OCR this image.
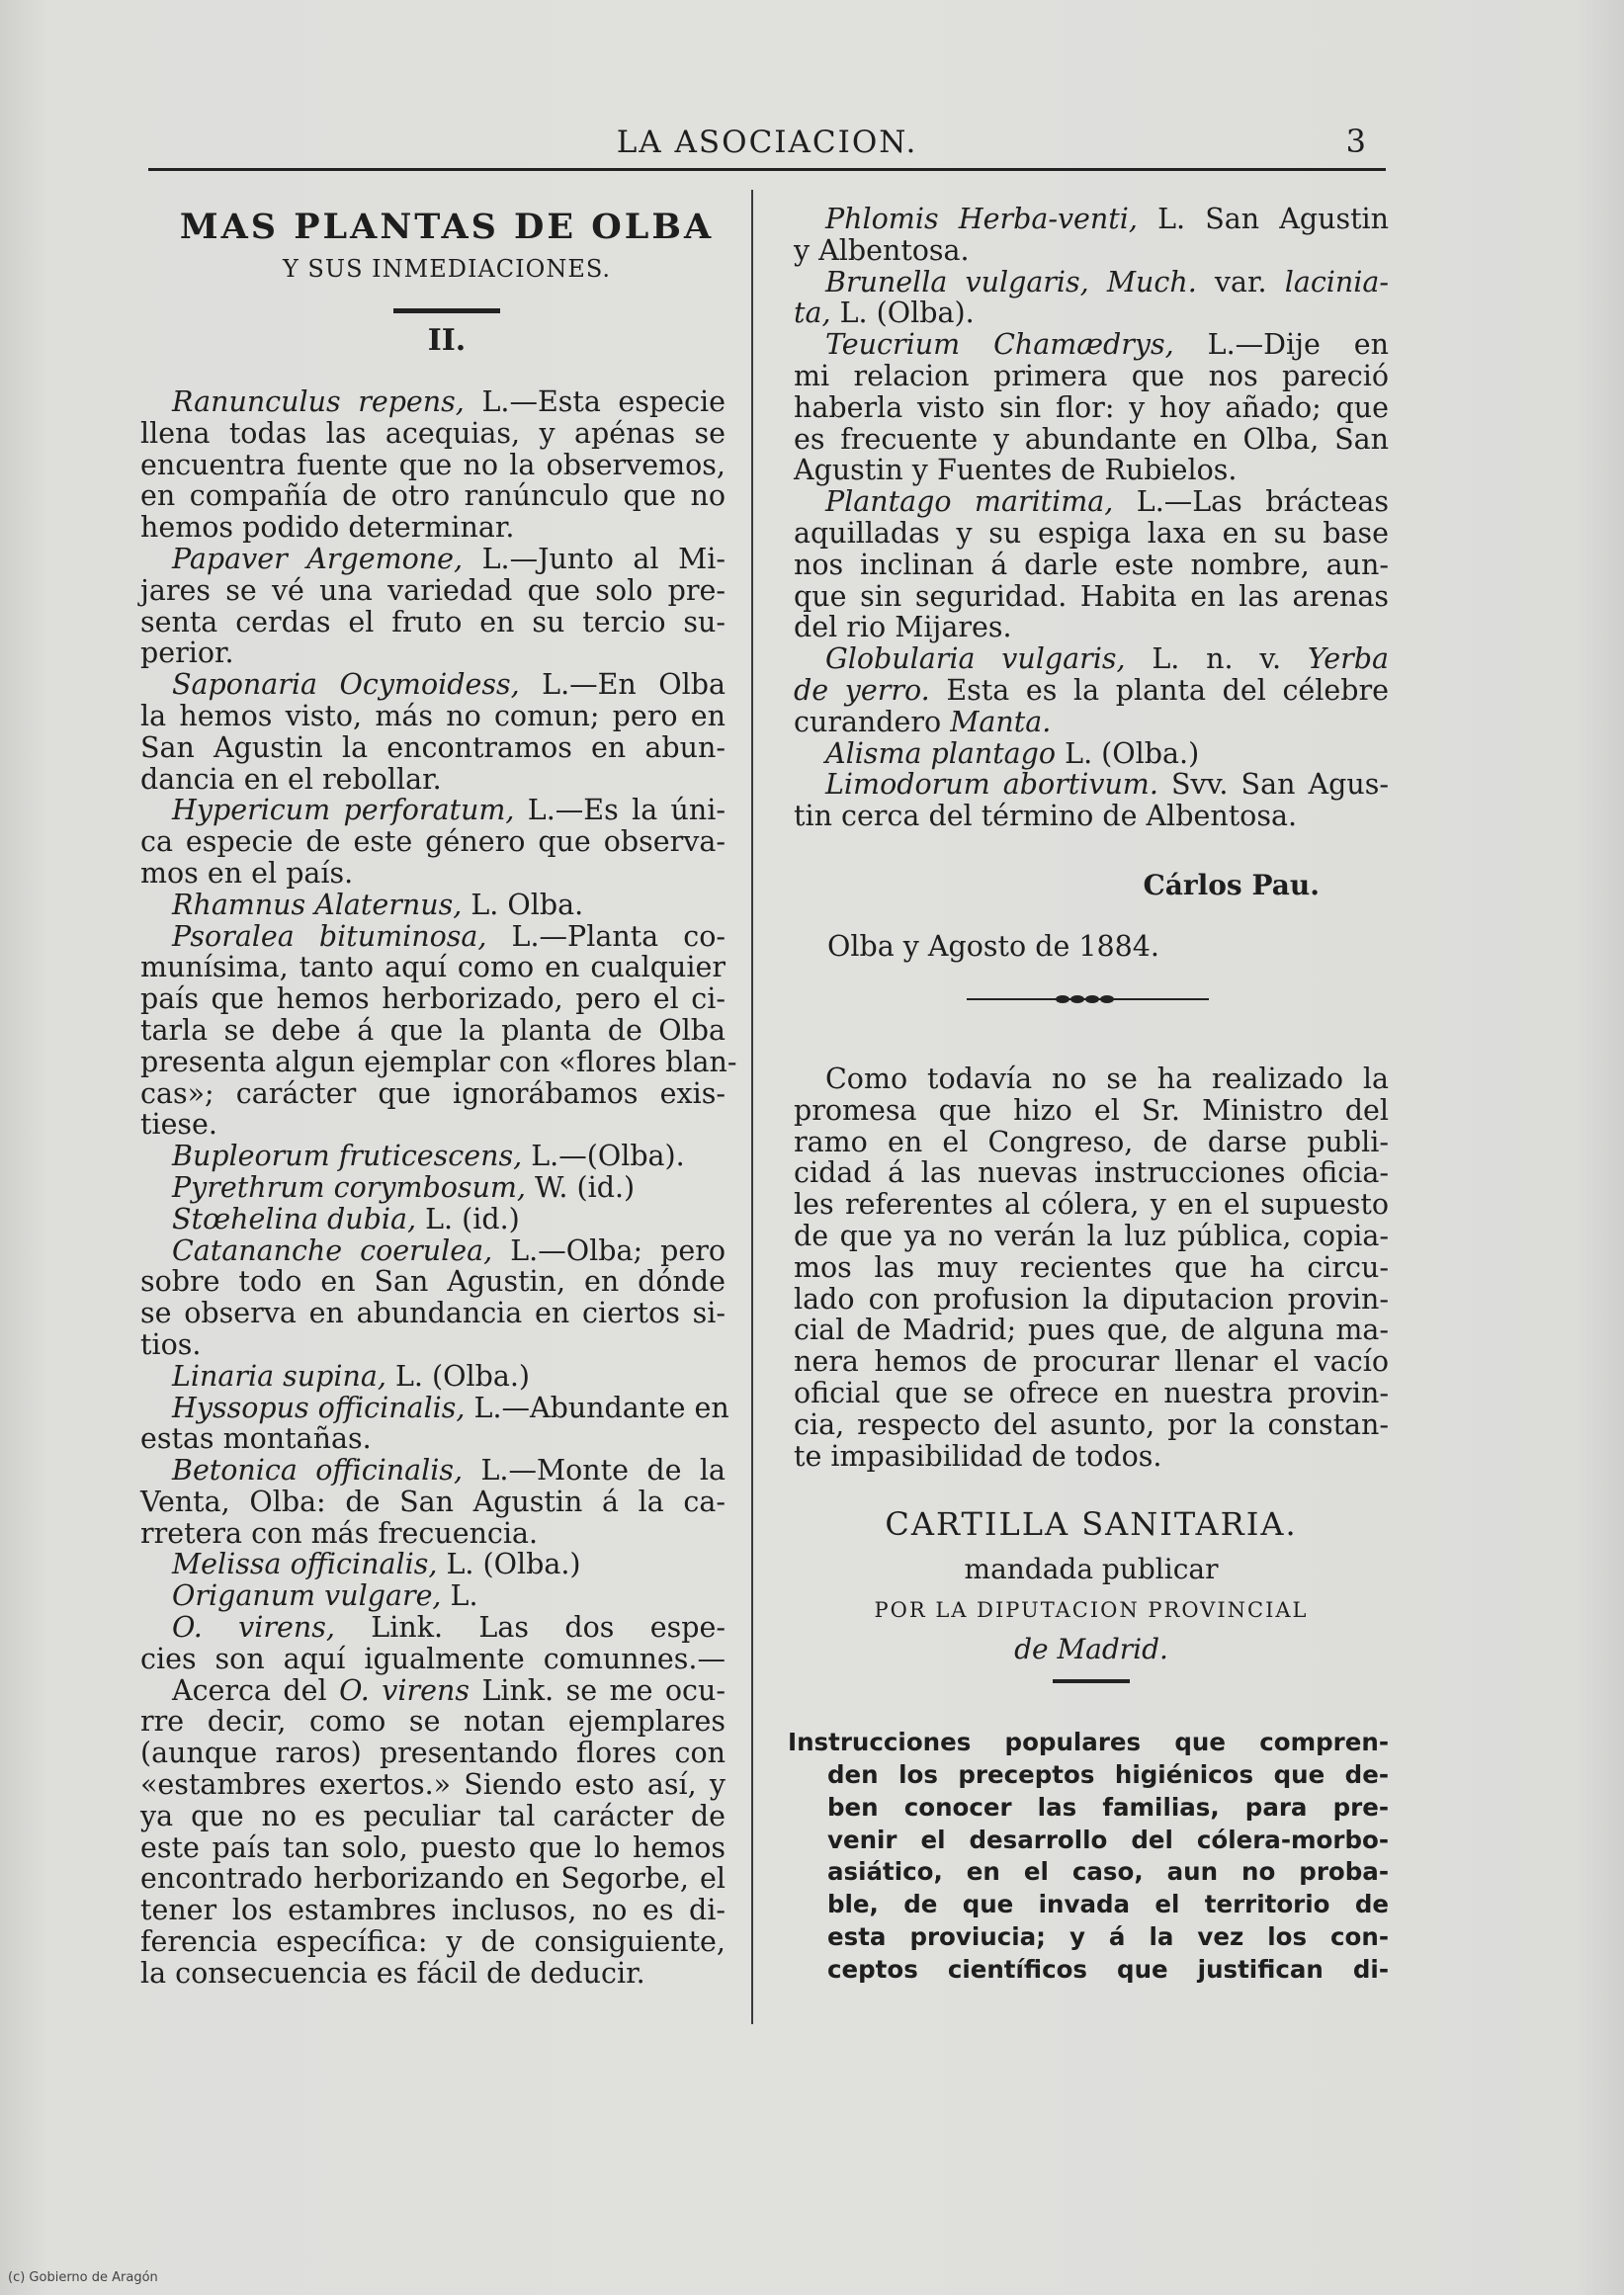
LA ASOCIACION.	3
MAS PLANTAS DE OLBA
Y SUS INMEDIACIONES.
II.
Ranunculus repens, L.—Esta especie
llena todas las acequias, y apénas se
encuentra fuente que no la observemos,
en compañía de otro ranúnculo que no
hemos podido determinar.
Papaver Argemone, L.—Junto al Mi-
jares se vé una variedad que solo pre-
senta cerdas el fruto en su tercio su-
perior.
Saponaria Ocymoidess, L.—En Olba
la hemos visto, más no comun; pero en
San Agustin la encontramos en abun-
dancia en el rebollar.
Hypericum perforatum, L.—Es la úni-
ca especie de este género que observa-
mos en el país.
Rhamnus Alaternus, L. Olba.
Psoralea bituminosa, L.—Planta co-
munísima, tanto aquí como en cualquier
país que hemos herborizado, pero el ci-
tarla se debe á que la planta de Olba
presenta algun ejemplar con «flores blan-
cas»; carácter que ignorábamos exis-
tiese.
Bupleorum fruticescens, L.—(Olba).
Pyrethrum corymbosum, W. (id.)
Stœhelina dubia, L. (id.)
Catananche coerulea, L.—Olba; pero
sobre todo en San Agustin, en dónde
se observa en abundancia en ciertos si-
tios.
Linaria supina, L. (Olba.)
Hyssopus officinalis, L.—Abundante en
estas montañas.
Betonica officinalis, L.—Monte de la
Venta, Olba: de San Agustin á la ca-
rretera con más frecuencia.
Melissa officinalis, L. (Olba.)
Origanum vulgare, L.
O. virens, Link. Las dos espe-
cies son aquí igualmente comunnes.—
Acerca del O. virens Link. se me ocu-
rre decir, como se notan ejemplares
(aunque raros) presentando flores con
«estambres exertos.» Siendo esto así, y
ya que no es peculiar tal carácter de
este país tan solo, puesto que lo hemos
encontrado herborizando en Segorbe, el
tener los estambres inclusos, no es di-
ferencia específica: y de consiguiente,
la consecuencia es fácil de deducir.
Phlomis Herba-venti, L. San Agustin
y Albentosa.
Brunella vulgaris, Much. var. lacinia-
ta, L. (Olba).
Teucrium Chamædrys, L.—Dije en
mi relacion primera que nos pareció
haberla visto sin flor: y hoy añado; que
es frecuente y abundante en Olba, San
Agustin y Fuentes de Rubielos.
Plantago maritima, L.—Las brácteas
aquilladas y su espiga laxa en su base
nos inclinan á darle este nombre, aun-
que sin seguridad. Habita en las arenas
del rio Mijares.
Globularia vulgaris, L. n. v. Yerba
de yerro. Esta es la planta del célebre
curandero Manta.
Alisma plantago L. (Olba.)
Limodorum abortivum. Svv. San Agus-
tin cerca del término de Albentosa.
Cárlos Pau.
Olba y Agosto de 1884.
Como todavía no se ha realizado la
promesa que hizo el Sr. Ministro del
ramo en el Congreso, de darse publi-
cidad á las nuevas instrucciones oficia-
les referentes al cólera, y en el supuesto
de que ya no verán la luz pública, copia-
mos las muy recientes que ha circu-
lado con profusion la diputacion provin-
cial de Madrid; pues que, de alguna ma-
nera hemos de procurar llenar el vacío
oficial que se ofrece en nuestra provin-
cia, respecto del asunto, por la constan-
te impasibilidad de todos.
CARTILLA SANITARIA.
mandada publicar
POR LA DIPUTACION PROVINCIAL
de Madrid.
Instrucciones populares que compren-
den los preceptos higiénicos que de-
ben conocer las familias, para pre-
venir el desarrollo del cólera-morbo-
asiático, en el caso, aun no proba-
ble, de que invada el territorio de
esta proviucia; y á la vez los con-
ceptos científicos que justifican di-
(c) Gobierno de Aragón
